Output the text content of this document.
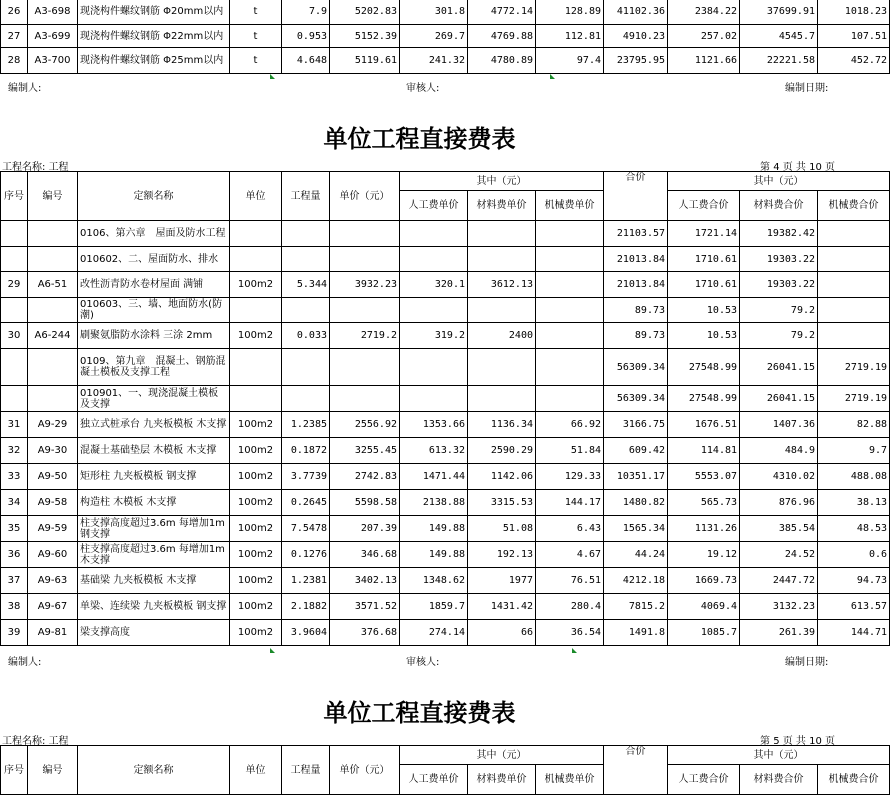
26	A3-698	现浇构件螺纹钢筋 Φ20mm以内	t	7.9	5202.83	301.8	4772.14	128.89	41102.36	2384.22	37699.91	1018.23
27	A3-699	现浇构件螺纹钢筋 Φ22mm以内	t	0.953	5152.39	269.7	4769.88	112.81	4910.23	257.02	4545.7	107.51
28	A3-700	现浇构件螺纹钢筋 Φ25mm以内	t	4.648	5119.61	241.32	4780.89	97.4	23795.95	1121.66	22221.58	452.72
编制人:	审核人:	编制日期:
单位工程直接费表
工程名称: 工程	第 4 页 共 10 页
序号	编号	定额名称	单位	工程量	单价（元）	其中（元）			合价	其中（元）		
						人工费单价	材料费单价	机械费单价		人工费合价	材料费合价	机械费合价
		0106、第六章　屋面及防水工程							21103.57	1721.14	19382.42	
		010602、二、屋面防水、排水							21013.84	1710.61	19303.22	
29	A6-51	改性沥青防水卷材屋面 满铺	100m2	5.344	3932.23	320.1	3612.13		21013.84	1710.61	19303.22	
		010603、三、墙、地面防水(防潮)							89.73	10.53	79.2	
30	A6-244	刷聚氨脂防水涂料 三涂 2mm	100m2	0.033	2719.2	319.2	2400		89.73	10.53	79.2	
		0109、第九章　混凝土、钢筋混凝土模板及支撑工程							56309.34	27548.99	26041.15	2719.19
		010901、一、现浇混凝土模板及支撑							56309.34	27548.99	26041.15	2719.19
31	A9-29	独立式桩承台 九夹板模板 木支撑	100m2	1.2385	2556.92	1353.66	1136.34	66.92	3166.75	1676.51	1407.36	82.88
32	A9-30	混凝土基础垫层 木模板 木支撑	100m2	0.1872	3255.45	613.32	2590.29	51.84	609.42	114.81	484.9	9.7
33	A9-50	矩形柱 九夹板模板 钢支撑	100m2	3.7739	2742.83	1471.44	1142.06	129.33	10351.17	5553.07	4310.02	488.08
34	A9-58	构造柱 木模板 木支撑	100m2	0.2645	5598.58	2138.88	3315.53	144.17	1480.82	565.73	876.96	38.13
35	A9-59	柱支撑高度超过3.6m 每增加1m 钢支撑	100m2	7.5478	207.39	149.88	51.08	6.43	1565.34	1131.26	385.54	48.53
36	A9-60	柱支撑高度超过3.6m 每增加1m 木支撑	100m2	0.1276	346.68	149.88	192.13	4.67	44.24	19.12	24.52	0.6
37	A9-63	基础梁 九夹板模板 木支撑	100m2	1.2381	3402.13	1348.62	1977	76.51	4212.18	1669.73	2447.72	94.73
38	A9-67	单梁、连续梁 九夹板模板 钢支撑	100m2	2.1882	3571.52	1859.7	1431.42	280.4	7815.2	4069.4	3132.23	613.57
39	A9-81	梁支撑高度	100m2	3.9604	376.68	274.14	66	36.54	1491.8	1085.7	261.39	144.71
编制人:	审核人:	编制日期:
单位工程直接费表
工程名称: 工程	第 5 页 共 10 页
序号	编号	定额名称	单位	工程量	单价（元）	其中（元）			合价	其中（元）		
						人工费单价	材料费单价	机械费单价		人工费合价	材料费合价	机械费合价
